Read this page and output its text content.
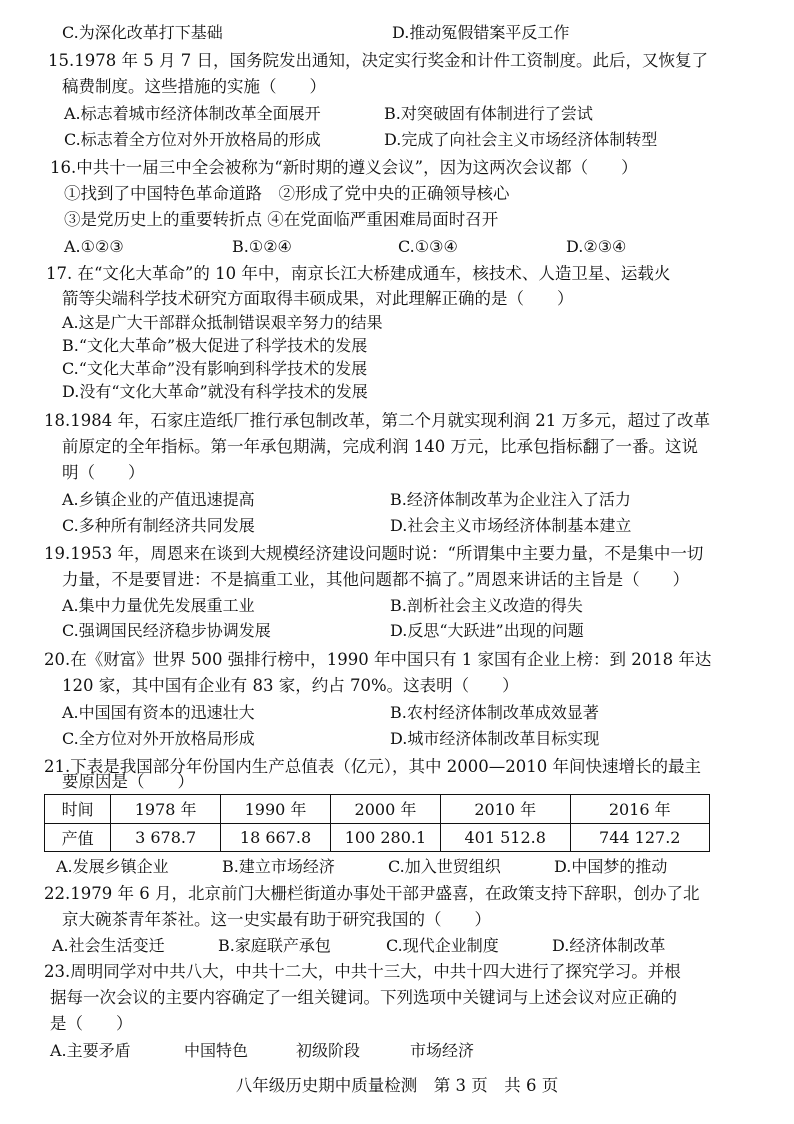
C.为深化改革打下基础	D.推动冤假错案平反工作
15.1978 年 5 月 7 日，国务院发出通知，决定实行奖金和计件工资制度。此后，又恢复了
稿费制度。这些措施的实施（　　）
A.标志着城市经济体制改革全面展开	B.对突破固有体制进行了尝试
C.标志着全方位对外开放格局的形成	D.完成了向社会主义市场经济体制转型
16.中共十一届三中全会被称为“新时期的遵义会议”，因为这两次会议都（　　）
①找到了中国特色革命道路　②形成了党中央的正确领导核心
③是党历史上的重要转折点 ④在党面临严重困难局面时召开
A.①②③	B.①②④	C.①③④	D.②③④
17. 在“文化大革命”的 10 年中，南京长江大桥建成通车，核技术、人造卫星、运载火
箭等尖端科学技术研究方面取得丰硕成果，对此理解正确的是（　　）
A.这是广大干部群众抵制错误艰辛努力的结果
B.“文化大革命”极大促进了科学技术的发展
C.“文化大革命”没有影响到科学技术的发展
D.没有“文化大革命”就没有科学技术的发展
18.1984 年，石家庄造纸厂推行承包制改革，第二个月就实现利润 21 万多元，超过了改革
前原定的全年指标。第一年承包期满，完成利润 140 万元，比承包指标翻了一番。这说
明（　　）
A.乡镇企业的产值迅速提高	B.经济体制改革为企业注入了活力
C.多种所有制经济共同发展	D.社会主义市场经济体制基本建立
19.1953 年，周恩来在谈到大规模经济建设问题时说：“所谓集中主要力量，不是集中一切
力量，不是要冒进：不是搞重工业，其他问题都不搞了。”周恩来讲话的主旨是（　　）
A.集中力量优先发展重工业	B.剖析社会主义改造的得失
C.强调国民经济稳步协调发展	D.反思“大跃进”出现的问题
20.在《财富》世界 500 强排行榜中，1990 年中国只有 1 家国有企业上榜：到 2018 年达
120 家，其中国有企业有 83 家，约占 70%。这表明（　　）
A.中国国有资本的迅速壮大	B.农村经济体制改革成效显著
C.全方位对外开放格局形成	D.城市经济体制改革目标实现
21.下表是我国部分年份国内生产总值表（亿元），其中 2000—2010 年间快速增长的最主
要原因是（　　）
时间	1978 年	1990 年	2000 年	2010 年	2016 年
产值	3 678.7	18 667.8	100 280.1	401 512.8	744 127.2
A.发展乡镇企业	B.建立市场经济	C.加入世贸组织	D.中国梦的推动
22.1979 年 6 月，北京前门大栅栏街道办事处干部尹盛喜，在政策支持下辞职，创办了北
京大碗茶青年茶社。这一史实最有助于研究我国的（　　）
A.社会生活变迁	B.家庭联产承包	C.现代企业制度	D.经济体制改革
23.周明同学对中共八大，中共十二大，中共十三大，中共十四大进行了探究学习。并根
据每一次会议的主要内容确定了一组关键词。下列选项中关键词与上述会议对应正确的
是（　　）
A.主要矛盾	中国特色	初级阶段	市场经济
八年级历史期中质量检测　第 3 页　共 6 页
